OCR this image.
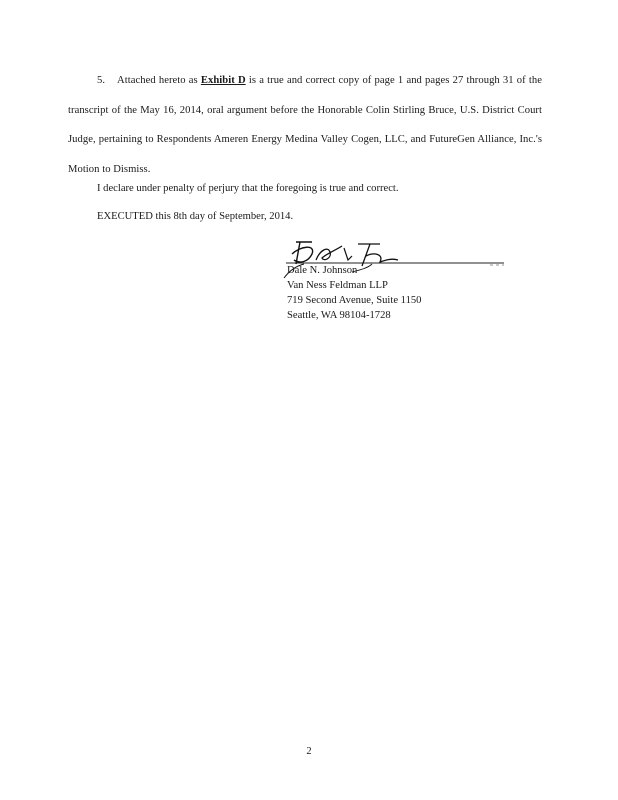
5. Attached hereto as Exhibit D is a true and correct copy of page 1 and pages 27 through 31 of the transcript of the May 16, 2014, oral argument before the Honorable Colin Stirling Bruce, U.S. District Court Judge, pertaining to Respondents Ameren Energy Medina Valley Cogen, LLC, and FutureGen Alliance, Inc.'s Motion to Dismiss.
I declare under penalty of perjury that the foregoing is true and correct.
EXECUTED this 8th day of September, 2014.
Dale N. Johnson
Van Ness Feldman LLP
719 Second Avenue, Suite 1150
Seattle, WA 98104-1728
2
